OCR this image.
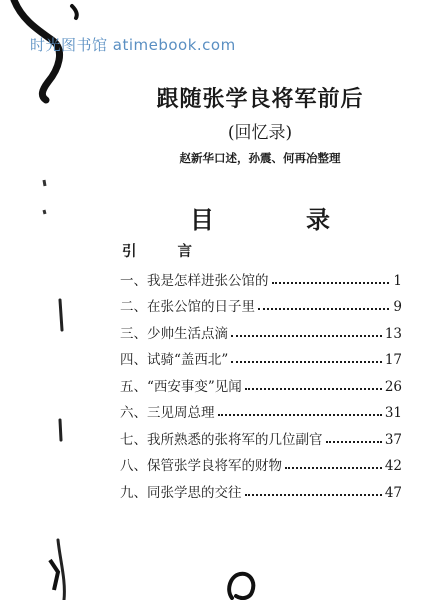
时光图书馆 atimebook.com
跟随张学良将军前后
(回忆录)
赵新华口述，孙震、何再冶整理
目	录
引	言
一、我是怎样进张公馆的	1
二、在张公馆的日子里	9
三、少帅生活点滴	13
四、试骑“盖西北”	17
五、“西安事变”见闻	26
六、三见周总理	31
七、我所熟悉的张将军的几位副官	37
八、保管张学良将军的财物	42
九、同张学思的交往	47
